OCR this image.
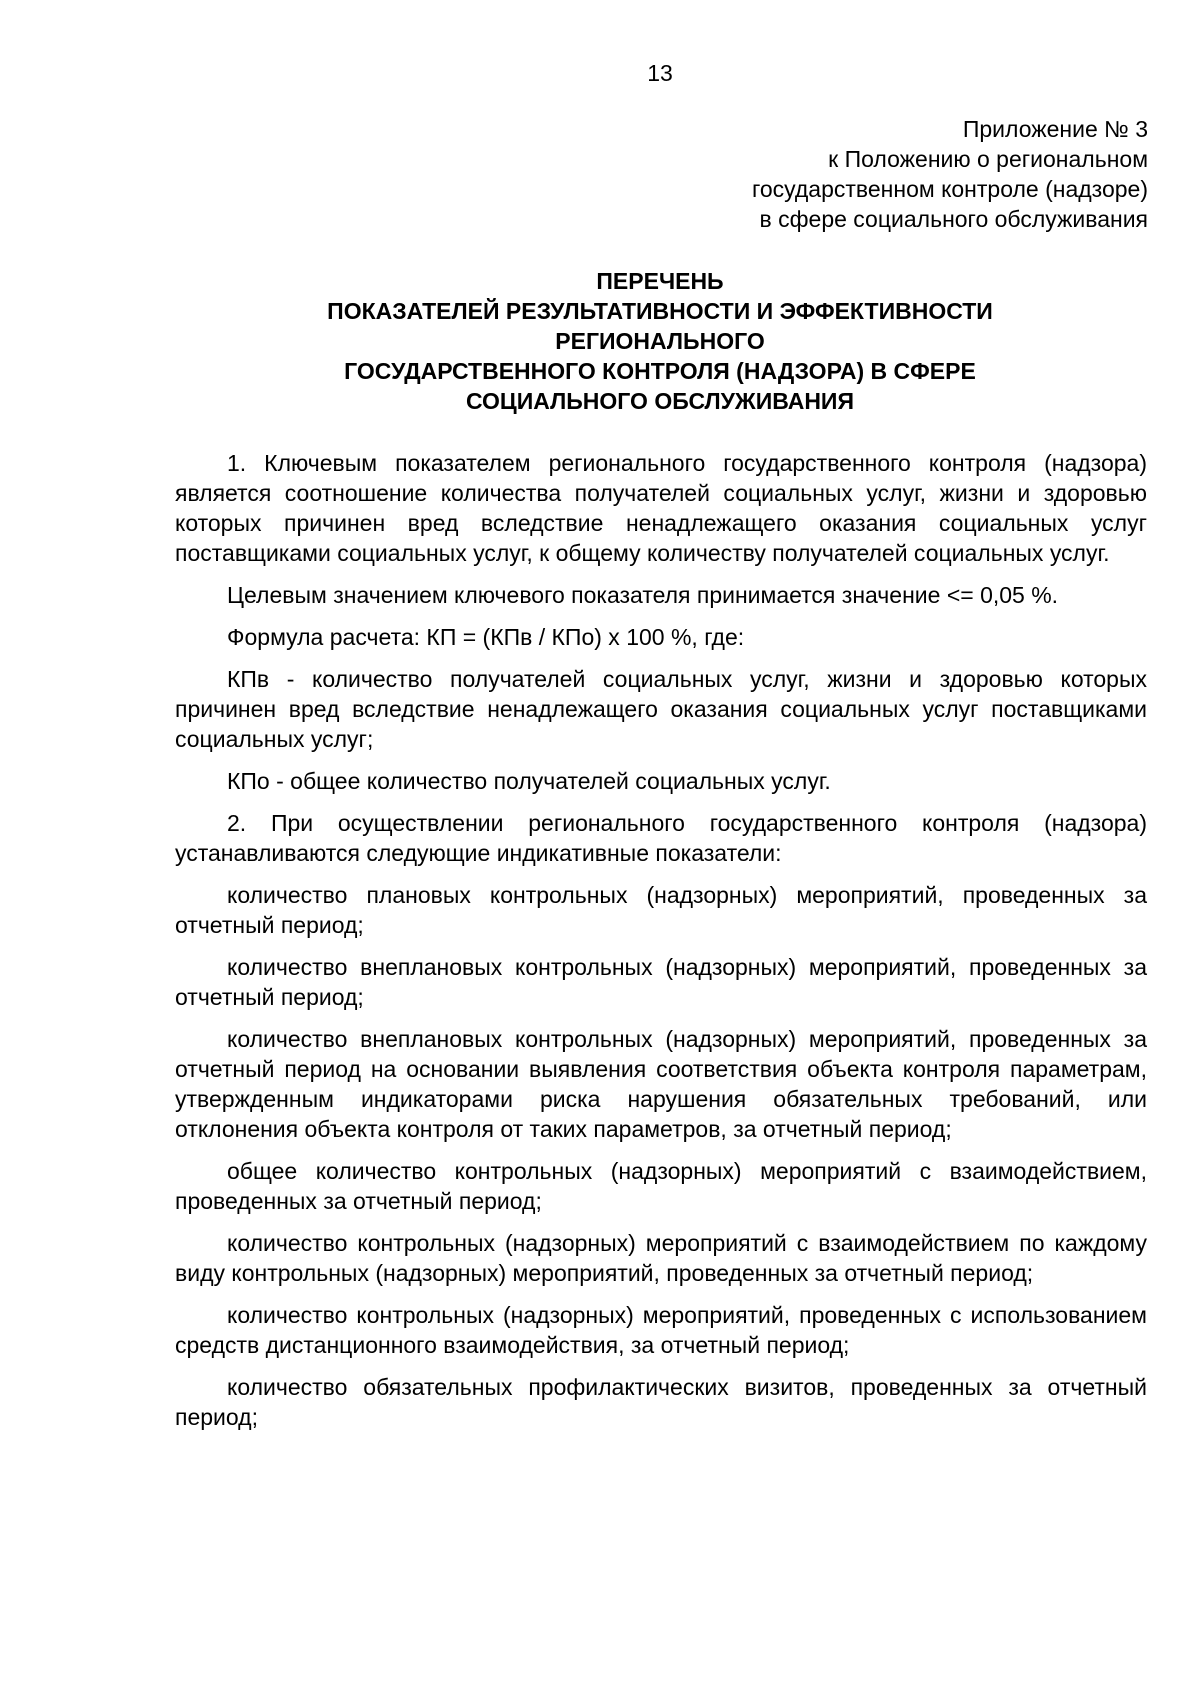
13
Приложение № 3
к Положению о региональном
государственном контроле (надзоре)
в сфере социального обслуживания
ПЕРЕЧЕНЬ
ПОКАЗАТЕЛЕЙ РЕЗУЛЬТАТИВНОСТИ И ЭФФЕКТИВНОСТИ
РЕГИОНАЛЬНОГО
ГОСУДАРСТВЕННОГО КОНТРОЛЯ (НАДЗОРА) В СФЕРЕ
СОЦИАЛЬНОГО ОБСЛУЖИВАНИЯ

1. Ключевым показателем регионального государственного контроля (надзора) является соотношение количества получателей социальных услуг, жизни и здоровью которых причинен вред вследствие ненадлежащего оказания социальных услуг поставщиками социальных услуг, к общему количеству получателей социальных услуг.

Целевым значением ключевого показателя принимается значение <= 0,05 %.

Формула расчета: КП = (КПв / КПо) x 100 %, где:

КПв - количество получателей социальных услуг, жизни и здоровью которых причинен вред вследствие ненадлежащего оказания социальных услуг поставщиками социальных услуг;

КПо - общее количество получателей социальных услуг.

2. При осуществлении регионального государственного контроля (надзора) устанавливаются следующие индикативные показатели:

количество плановых контрольных (надзорных) мероприятий, проведенных за отчетный период;

количество внеплановых контрольных (надзорных) мероприятий, проведенных за отчетный период;

количество внеплановых контрольных (надзорных) мероприятий, проведенных за отчетный период на основании выявления соответствия объекта контроля параметрам, утвержденным индикаторами риска нарушения обязательных требований, или отклонения объекта контроля от таких параметров, за отчетный период;

общее количество контрольных (надзорных) мероприятий с взаимодействием, проведенных за отчетный период;

количество контрольных (надзорных) мероприятий с взаимодействием по каждому виду контрольных (надзорных) мероприятий, проведенных за отчетный период;

количество контрольных (надзорных) мероприятий, проведенных с использованием средств дистанционного взаимодействия, за отчетный период;

количество обязательных профилактических визитов, проведенных за отчетный период;
